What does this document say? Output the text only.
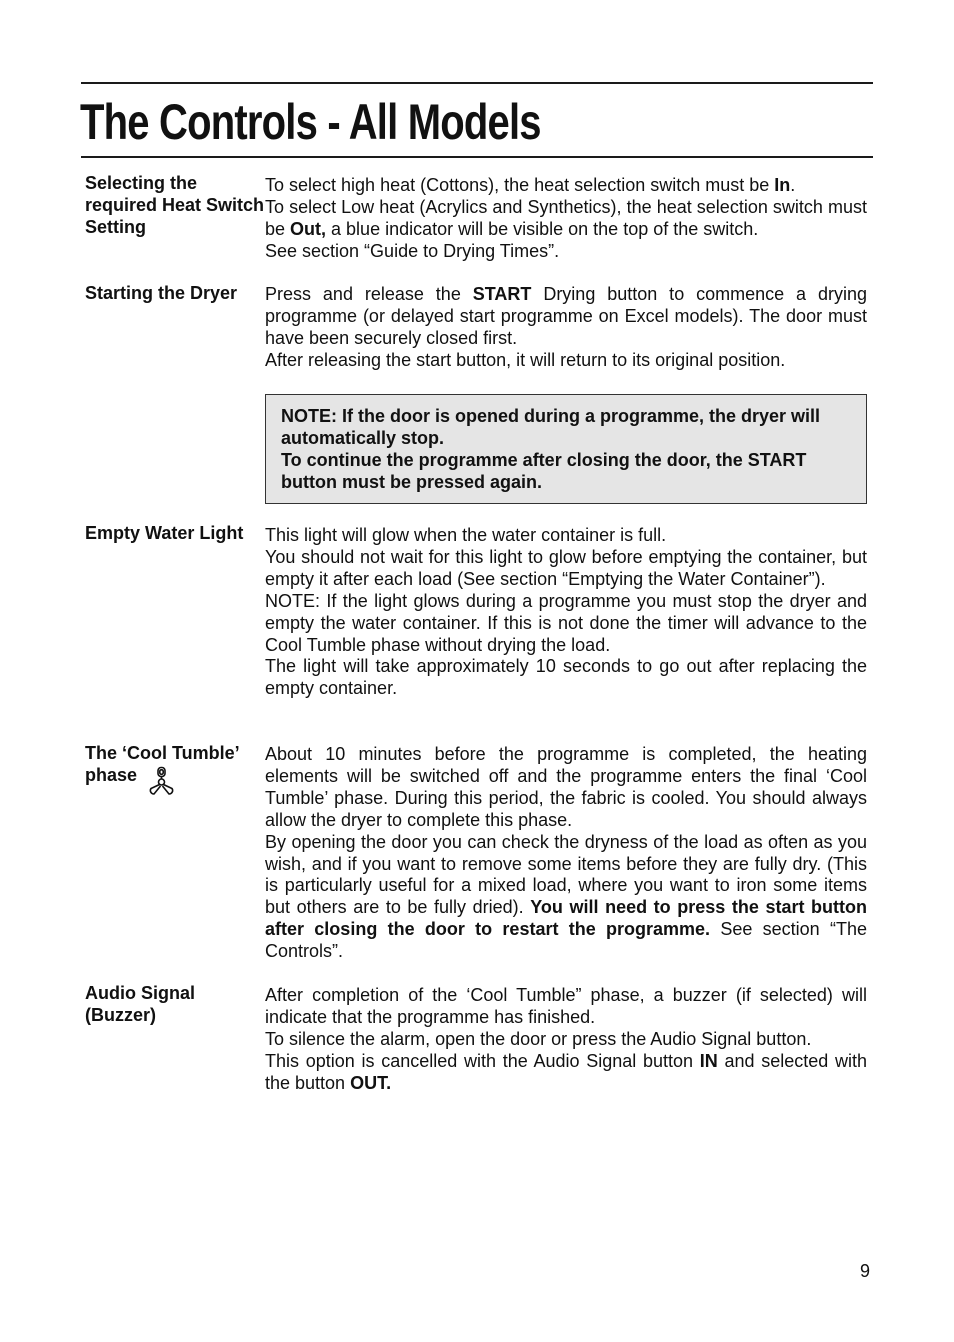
The Controls - All Models
Selecting the required Heat Switch Setting

To select high heat (Cottons), the heat selection switch must be In.

To select Low heat (Acrylics and Synthetics), the heat selection switch must be Out, a blue indicator will be visible on the top of the switch.

See section “Guide to Drying Times”.

Starting the Dryer	Press and release the START Drying button to commence a drying programme (or delayed start programme on Excel models). The door must have been securely closed first.

After releasing the start button, it will return to its original position.

NOTE: If the door is opened during a programme, the dryer will automatically stop.

To continue the programme after closing the door, the START button must be pressed again.

Empty Water Light	This light will glow when the water container is full.

You should not wait for this light to glow before emptying the container, but empty it after each load (See section “Emptying the Water Container”).

NOTE: If the light glows during a programme you must stop the dryer and empty the water container. If this is not done the timer will advance to the Cool Tumble phase without drying the load.

The light will take approximately 10 seconds to go out after replacing the empty container.

The ‘Cool Tumble’
phase

About 10 minutes before the programme is completed, the heating elements will be switched off and the programme enters the final ‘Cool Tumble’ phase. During this period, the fabric is cooled. You should always allow the dryer to complete this phase.

By opening the door you can check the dryness of the load as often as you wish, and if you want to remove some items before they are fully dry. (This is particularly useful for a mixed load, where you want to iron some items but others are to be fully dried). You will need to press the start button after closing the door to restart the programme. See section “The Controls”.

Audio Signal
(Buzzer)

After completion of the ‘Cool Tumble” phase, a buzzer (if selected) will indicate that the programme has finished.

To silence the alarm, open the door or press the Audio Signal button.

This option is cancelled with the Audio Signal button IN and selected with the button OUT.

9
